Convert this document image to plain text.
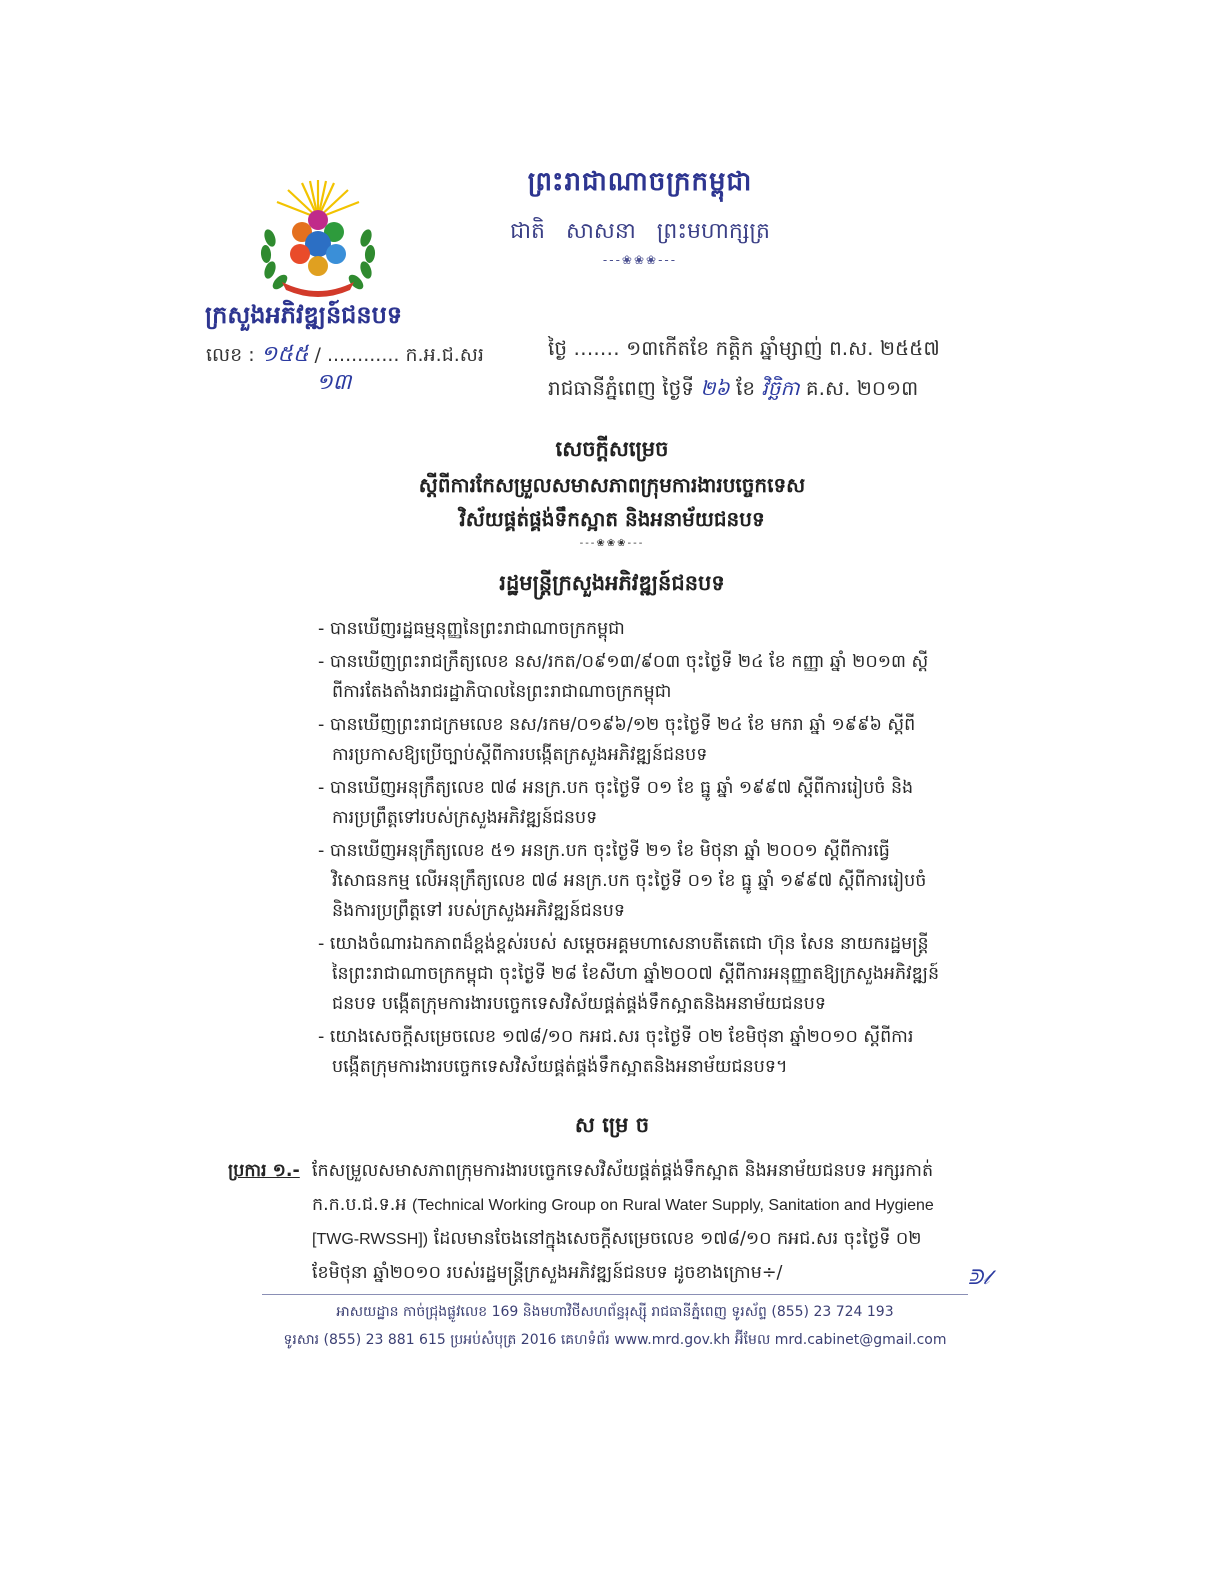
ព្រះរាជាណាចក្រកម្ពុជា
ជាតិ សាសនា ព្រះមហាក្សត្រ
---❀❀❀---
ក្រសួងអភិវឌ្ឍន៍ជនបទ
លេខ : ១៥៥ / ............ ក.អ.ជ.សរ
១៣
ថ្ងៃ ….… ១៣កើតខែ កត្តិក ឆ្នាំម្សាញ់ ព.ស. ២៥៥៧
រាជធានីភ្នំពេញ ថ្ងៃទី ២៦ ខែ វិច្ឆិកា គ.ស. ២០១៣
សេចក្តីសម្រេច
ស្តីពីការកែសម្រួលសមាសភាពក្រុមការងារបច្ចេកទេស
វិស័យផ្គត់ផ្គង់ទឹកស្អាត និងអនាម័យជនបទ
---❀❀❀---
រដ្ឋមន្ត្រីក្រសួងអភិវឌ្ឍន៍ជនបទ
- បានឃើញរដ្ឋធម្មនុញ្ញនៃព្រះរាជាណាចក្រកម្ពុជា
- បានឃើញព្រះរាជក្រឹត្យលេខ នស/រកត/០៩១៣/៩០៣ ចុះថ្ងៃទី ២៤ ខែ កញ្ញា ឆ្នាំ ២០១៣ ស្តី
ពីការតែងតាំងរាជរដ្ឋាភិបាលនៃព្រះរាជាណាចក្រកម្ពុជា
- បានឃើញព្រះរាជក្រមលេខ នស/រកម/០១៩៦/១២ ចុះថ្ងៃទី ២៤ ខែ មករា ឆ្នាំ ១៩៩៦ ស្តីពី
ការប្រកាសឱ្យប្រើច្បាប់ស្តីពីការបង្កើតក្រសួងអភិវឌ្ឍន៍ជនបទ
- បានឃើញអនុក្រឹត្យលេខ ៧៨ អនក្រ.បក ចុះថ្ងៃទី ០១ ខែ ធ្នូ ឆ្នាំ ១៩៩៧ ស្តីពីការរៀបចំ និង
ការប្រព្រឹត្តទៅរបស់ក្រសួងអភិវឌ្ឍន៍ជនបទ
- បានឃើញអនុក្រឹត្យលេខ ៥១ អនក្រ.បក ចុះថ្ងៃទី ២១ ខែ មិថុនា ឆ្នាំ ២០០១ ស្តីពីការធ្វើ
វិសោធនកម្ម លើអនុក្រឹត្យលេខ ៧៨ អនក្រ.បក ចុះថ្ងៃទី ០១ ខែ ធ្នូ ឆ្នាំ ១៩៩៧ ស្តីពីការរៀបចំ
និងការប្រព្រឹត្តទៅ របស់ក្រសួងអភិវឌ្ឍន៍ជនបទ
- យោងចំណារឯកភាពដ៏ខ្ពង់ខ្ពស់របស់ សម្តេចអគ្គមហាសេនាបតីតេជោ ហ៊ុន សែន នាយករដ្ឋមន្ត្រី
នៃព្រះរាជាណាចក្រកម្ពុជា ចុះថ្ងៃទី ២៨ ខែសីហា ឆ្នាំ២០០៧ ស្តីពីការអនុញ្ញាតឱ្យក្រសួងអភិវឌ្ឍន៍
ជនបទ បង្កើតក្រុមការងារបច្ចេកទេសវិស័យផ្គត់ផ្គង់ទឹកស្អាតនិងអនាម័យជនបទ
- យោងសេចក្តីសម្រេចលេខ ១៧៨/១០ កអជ.សរ ចុះថ្ងៃទី ០២ ខែមិថុនា ឆ្នាំ២០១០ ស្តីពីការ
បង្កើតក្រុមការងារបច្ចេកទេសវិស័យផ្គត់ផ្គង់ទឹកស្អាតនិងអនាម័យជនបទ។
ស ម្រេ ច
ប្រការ ១.- កែសម្រួលសមាសភាពក្រុមការងារបច្ចេកទេសវិស័យផ្គត់ផ្គង់ទឹកស្អាត និងអនាម័យជនបទ អក្សរកាត់
ក.ក.ប.ជ.ទ.អ (Technical Working Group on Rural Water Supply, Sanitation and Hygiene
[TWG-RWSSH]) ដែលមានចែងនៅក្នុងសេចក្តីសម្រេចលេខ ១៧៨/១០ កអជ.សរ ចុះថ្ងៃទី ០២
ខែមិថុនា ឆ្នាំ២០១០ របស់រដ្ឋមន្ត្រីក្រសួងអភិវឌ្ឍន៍ជនបទ ដូចខាងក្រោម÷/	ᕲ𝓁
អាសយដ្ឋាន កាច់ជ្រុងផ្លូវលេខ 169 និងមហាវិថីសហព័ន្ធរុស្ស៊ី រាជធានីភ្នំពេញ ទូរស័ព្ទ (855) 23 724 193
ទូរសារ (855) 23 881 615 ប្រអប់សំបុត្រ 2016 គេហទំព័រ www.mrd.gov.kh អ៊ីមែល mrd.cabinet@gmail.com
